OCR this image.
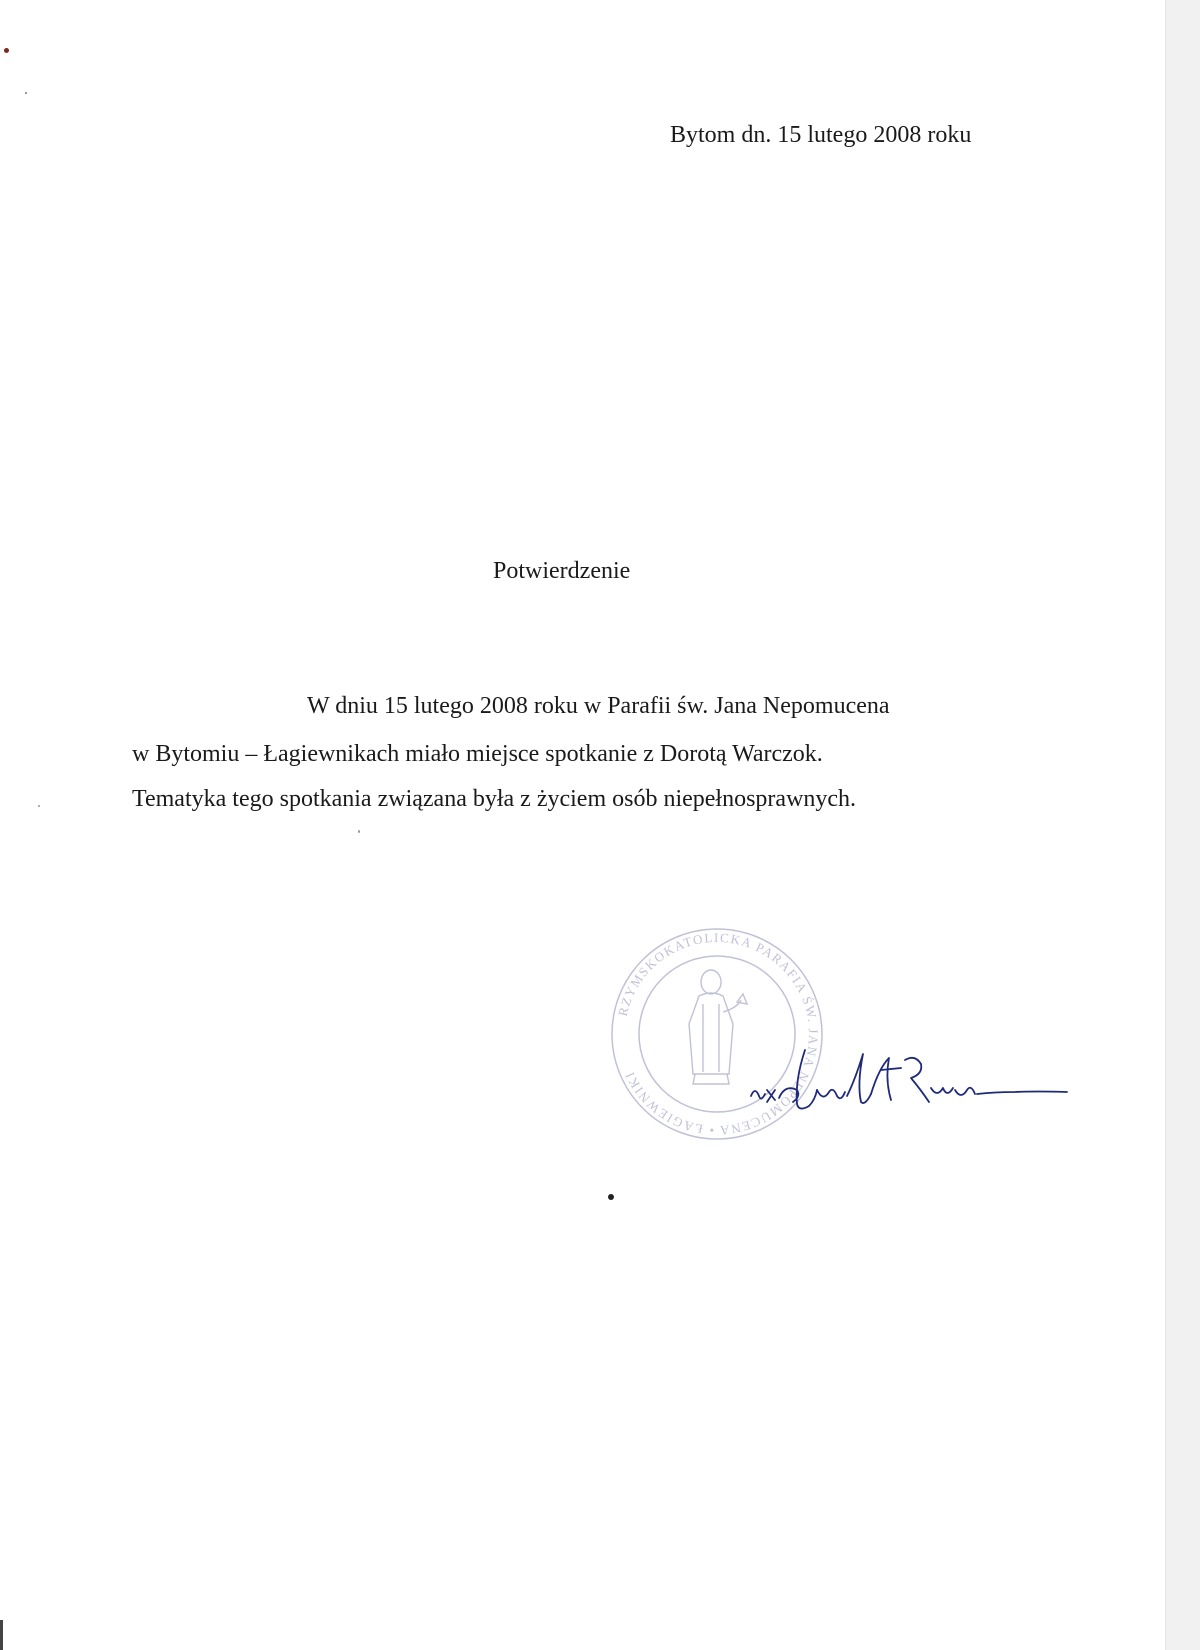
Bytom dn. 15 lutego 2008 roku
Potwierdzenie
W dniu 15 lutego 2008 roku w Parafii św. Jana Nepomucena
w Bytomiu – Łagiewnikach miało miejsce spotkanie z Dorotą Warczok.
Tematyka tego spotkania związana była z życiem osób niepełnosprawnych.
RZYMSKOKATOLICKA PARAFIA ŚW. JANA NEPOMUCENA • ŁAGIEWNIKI
